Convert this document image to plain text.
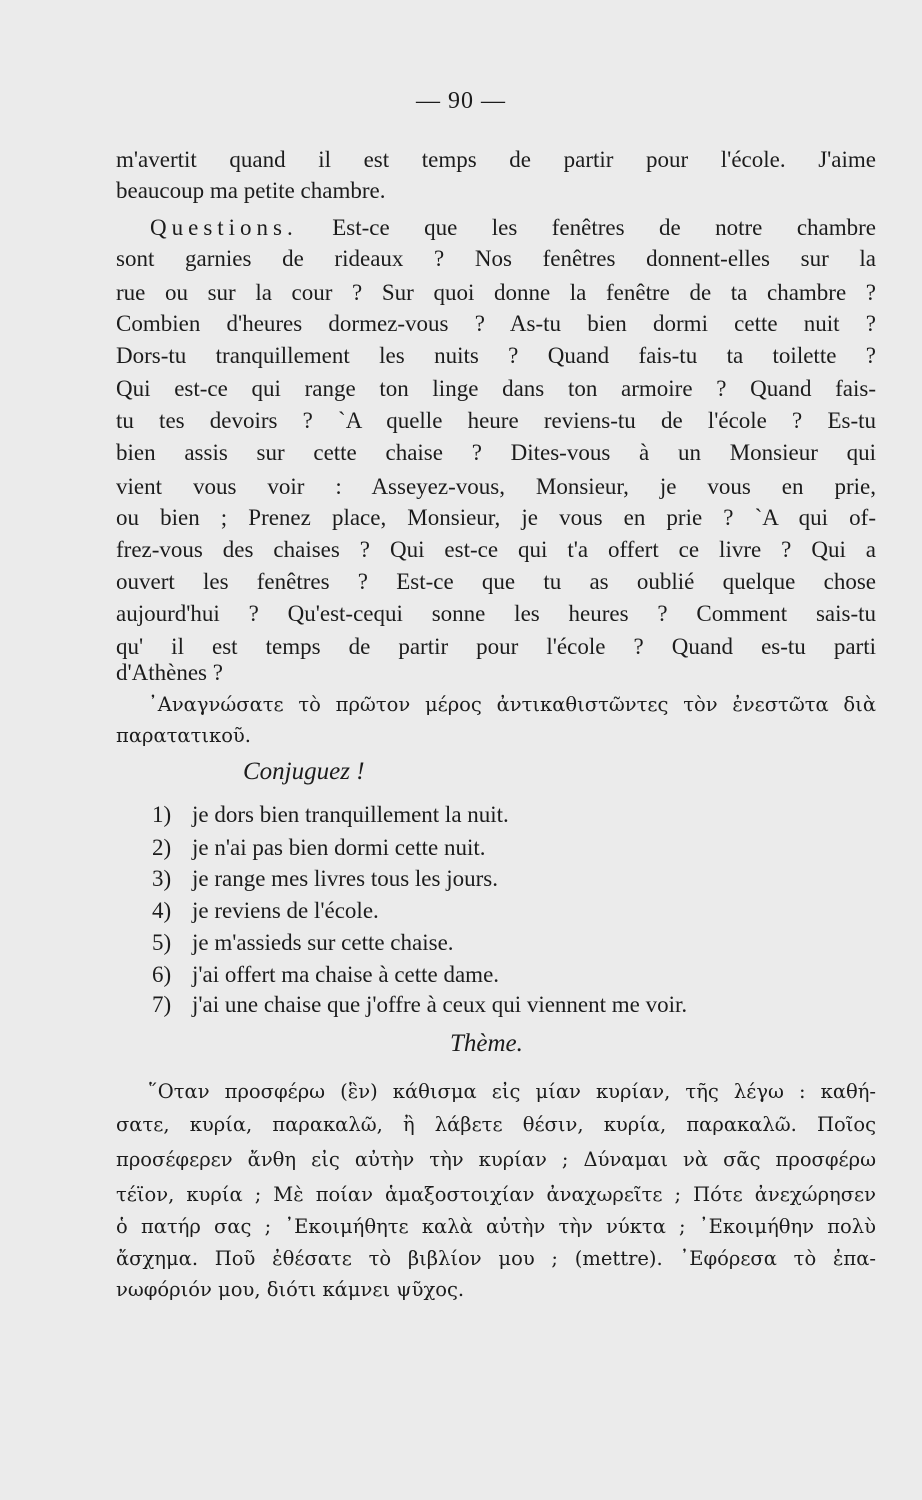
— 90 —
m'avertit quand il est temps de partir pour l'école. J'aime
beaucoup ma petite chambre.
Questions. Est-ce que les fenêtres de notre chambre
sont garnies de rideaux ? Nos fenêtres donnent-elles sur la
rue ou sur la cour ? Sur quoi donne la fenêtre de ta chambre ?
Combien d'heures dormez-vous ? As-tu bien dormi cette nuit ?
Dors-tu tranquillement les nuits ? Quand fais-tu ta toilette ?
Qui est-ce qui range ton linge dans ton armoire ? Quand fais-
tu tes devoirs ? `A quelle heure reviens-tu de l'école ? Es-tu
bien assis sur cette chaise ? Dites-vous à un Monsieur qui
vient vous voir : Asseyez-vous, Monsieur, je vous en prie,
ou bien ; Prenez place, Monsieur, je vous en prie ? `A qui of-
frez-vous des chaises ? Qui est-ce qui t'a offert ce livre ? Qui a
ouvert les fenêtres ? Est-ce que tu as oublié quelque chose
aujourd'hui ? Qu'est-cequi sonne les heures ? Comment sais-tu
qu' il est temps de partir pour l'école ? Quand es-tu parti
d'Athènes ?
᾽Αναγνώσατε τὸ πρῶτον μέρος ἀντικαθιστῶντες τὸν ἐνεστῶτα διὰ
παρατατικοῦ.
Conjuguez !
1) je dors bien tranquillement la nuit.
2) je n'ai pas bien dormi cette nuit.
3) je range mes livres tous les jours.
4) je reviens de l'école.
5) je m'assieds sur cette chaise.
6) j'ai offert ma chaise à cette dame.
7) j'ai une chaise que j'offre à ceux qui viennent me voir.
Thème.
῞Οταν προσφέρω (ἓν) κάθισμα εἰς μίαν κυρίαν, τῆς λέγω : καθή-
σατε, κυρία, παρακαλῶ, ἢ λάβετε θέσιν, κυρία, παρακαλῶ. Ποῖος
προσέφερεν ἄνθη εἰς αὐτὴν τὴν κυρίαν ; Δύναμαι νὰ σᾶς προσφέρω
τέϊον, κυρία ; Μὲ ποίαν ἁμαξοστοιχίαν ἀναχωρεῖτε ; Πότε ἀνεχώρησεν
ὁ πατήρ σας ; ᾽Εκοιμήθητε καλὰ αὐτὴν τὴν νύκτα ; ᾽Εκοιμήθην πολὺ
ἄσχημα. Ποῦ ἐθέσατε τὸ βιβλίον μου ; (mettre). ᾽Εφόρεσα τὸ ἐπα-
νωφόριόν μου, διότι κάμνει ψῦχος.
